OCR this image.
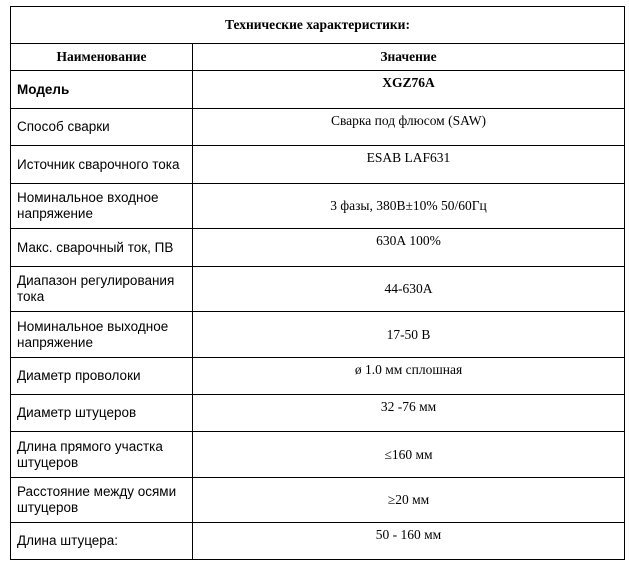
Технические характеристики:	
Наименование	Значение
Модель	XGZ76A
Способ сварки	Сварка под флюсом (SAW)
Источник сварочного тока	ESAB LAF631
Номинальное входное напряжение	3 фазы, 380В±10% 50/60Гц
Макс. сварочный ток, ПВ	630А 100%
Диапазон регулирования тока	44-630А
Номинальное выходное напряжение	17-50 В
Диаметр проволоки	ø 1.0 мм сплошная
Диаметр штуцеров	32 -76 мм
Длина прямого участка штуцеров	≤160 мм
Расстояние между осями штуцеров	≥20 мм
Длина штуцера:	50 - 160 мм
